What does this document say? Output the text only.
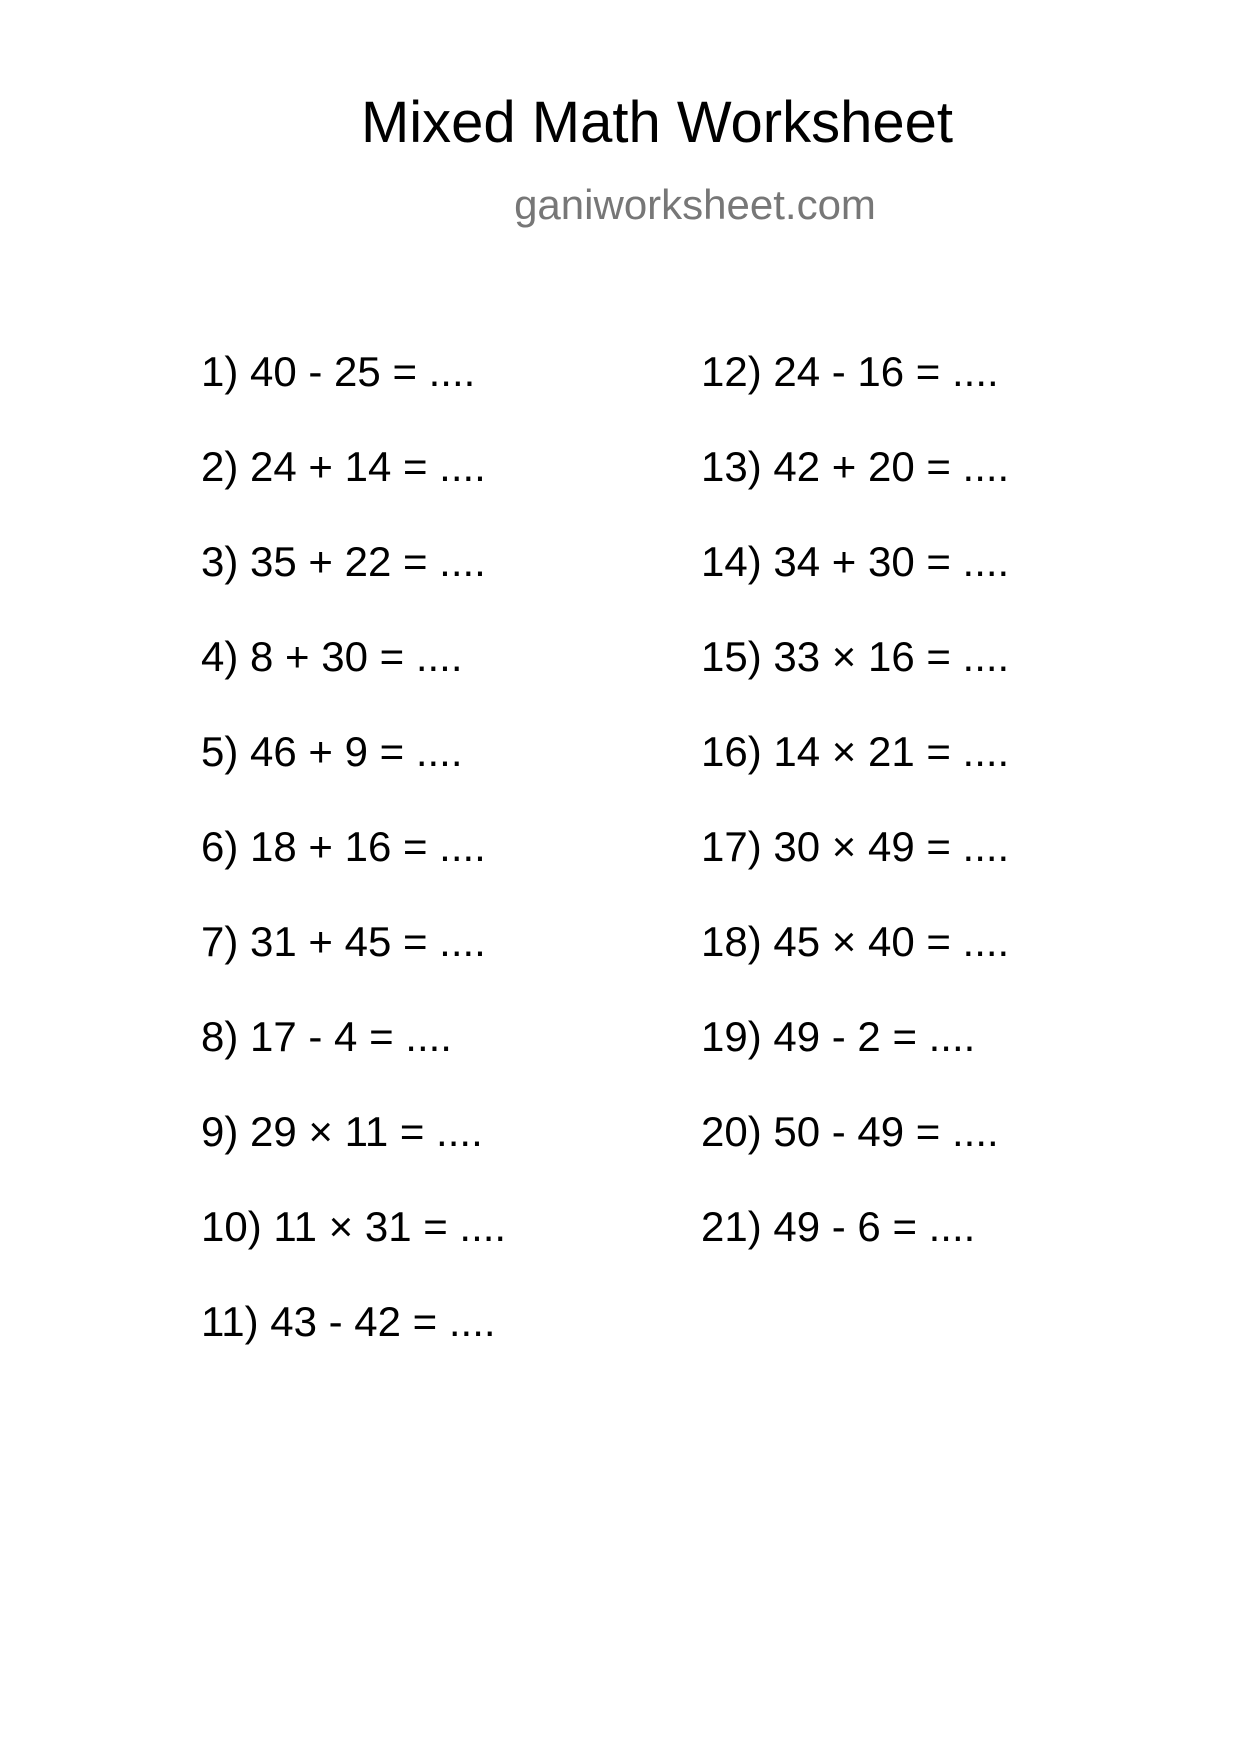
Mixed Math Worksheet
ganiworksheet.com
1) 40 - 25 = ....
2) 24 + 14 = ....
3) 35 + 22 = ....
4) 8 + 30 = ....
5) 46 + 9 = ....
6) 18 + 16 = ....
7) 31 + 45 = ....
8) 17 - 4 = ....
9) 29 × 11 = ....
10) 11 × 31 = ....
11) 43 - 42 = ....
12) 24 - 16 = ....
13) 42 + 20 = ....
14) 34 + 30 = ....
15) 33 × 16 = ....
16) 14 × 21 = ....
17) 30 × 49 = ....
18) 45 × 40 = ....
19) 49 - 2 = ....
20) 50 - 49 = ....
21) 49 - 6 = ....
